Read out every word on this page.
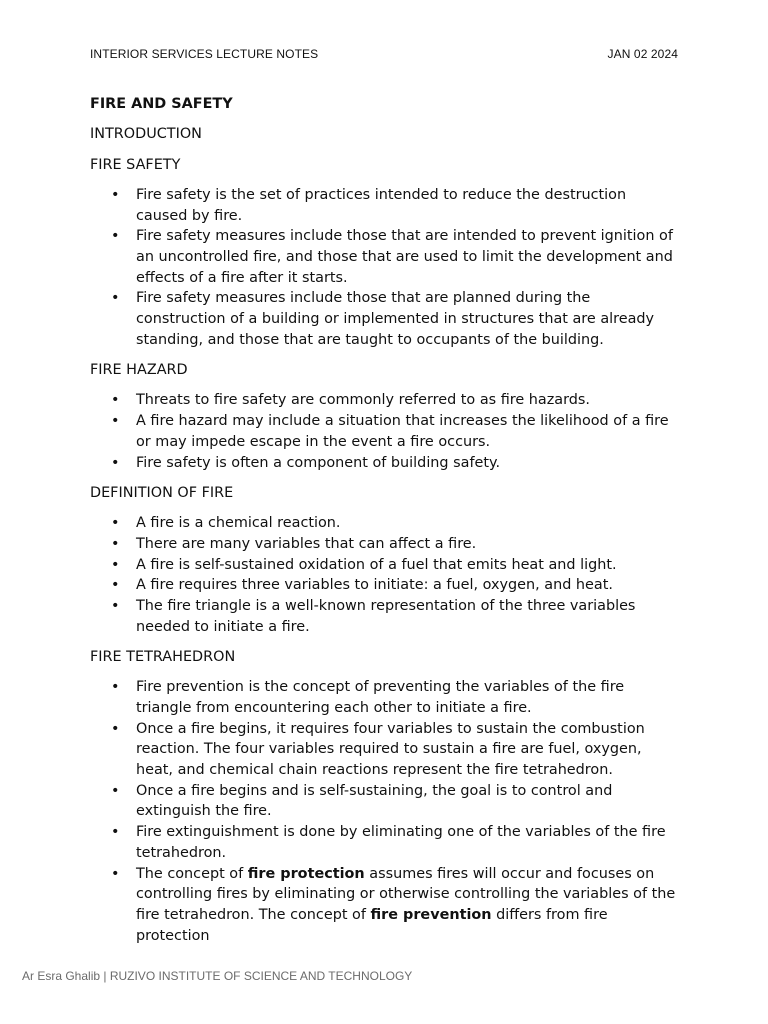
INTERIOR SERVICES LECTURE NOTES	JAN 02 2024
FIRE AND SAFETY
INTRODUCTION
FIRE SAFETY
• Fire safety is the set of practices intended to reduce the destruction caused by fire.
• Fire safety measures include those that are intended to prevent ignition of an uncontrolled fire, and those that are used to limit the development and effects of a fire after it starts.
• Fire safety measures include those that are planned during the construction of a building or implemented in structures that are already standing, and those that are taught to occupants of the building.
FIRE HAZARD
• Threats to fire safety are commonly referred to as fire hazards.
• A fire hazard may include a situation that increases the likelihood of a fire or may impede escape in the event a fire occurs.
• Fire safety is often a component of building safety.
DEFINITION OF FIRE
• A fire is a chemical reaction.
• There are many variables that can affect a fire.
• A fire is self-sustained oxidation of a fuel that emits heat and light.
• A fire requires three variables to initiate: a fuel, oxygen, and heat.
• The fire triangle is a well-known representation of the three variables needed to initiate a fire.
FIRE TETRAHEDRON
• Fire prevention is the concept of preventing the variables of the fire triangle from encountering each other to initiate a fire.
• Once a fire begins, it requires four variables to sustain the combustion reaction. The four variables required to sustain a fire are fuel, oxygen, heat, and chemical chain reactions represent the fire tetrahedron.
• Once a fire begins and is self-sustaining, the goal is to control and extinguish the fire.
• Fire extinguishment is done by eliminating one of the variables of the fire tetrahedron.
• The concept of fire protection assumes fires will occur and focuses on controlling fires by eliminating or otherwise controlling the variables of the fire tetrahedron. The concept of fire prevention differs from fire protection
Ar Esra Ghalib | RUZIVO INSTITUTE OF SCIENCE AND TECHNOLOGY
